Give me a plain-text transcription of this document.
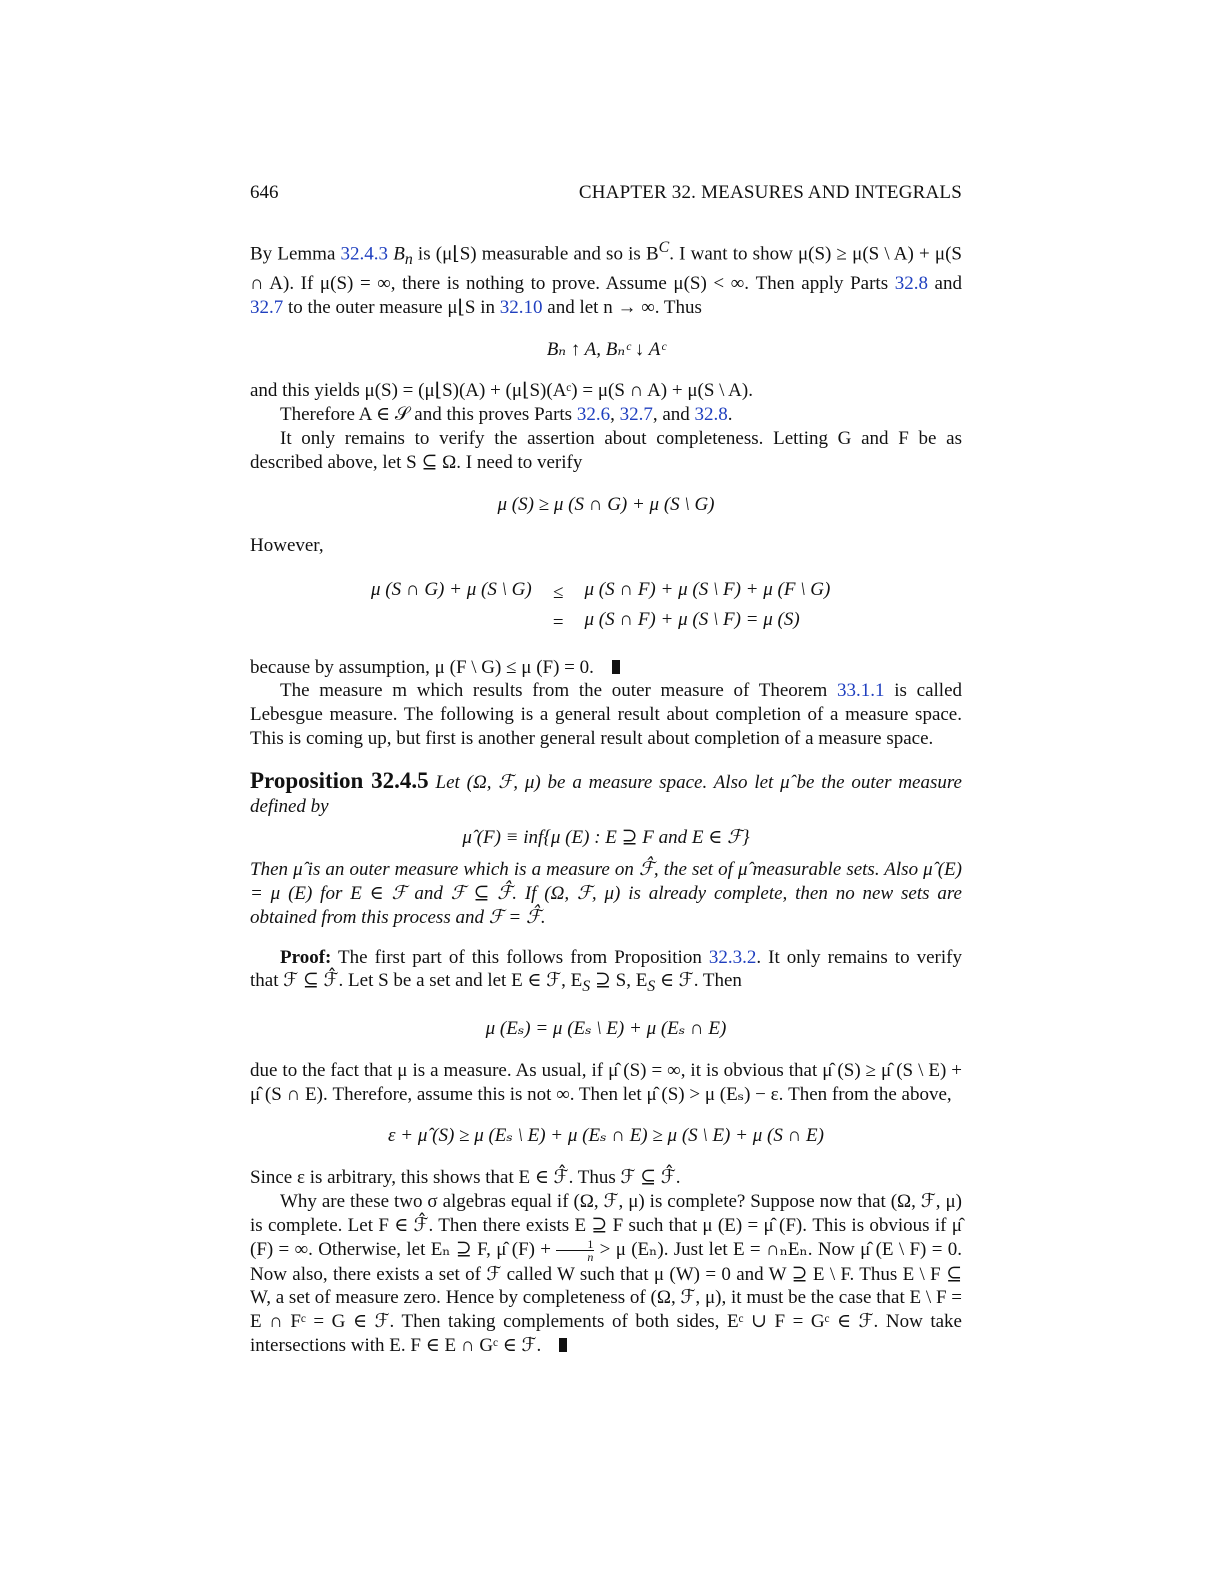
646	CHAPTER 32. MEASURES AND INTEGRALS

By Lemma 32.4.3 $B_n$ is (μ⌊S) measurable and so is $B^C$. I want to show μ(S) ≥ μ(S \ A) + μ(S ∩ A). If μ(S) = ∞, there is nothing to prove. Assume μ(S) < ∞. Then apply Parts 32.8 and 32.7 to the outer measure μ⌊S in 32.10 and let n → ∞. Thus

Bₙ ↑ A, Bₙᶜ ↓ Aᶜ

and this yields μ(S) = (μ⌊S)(A) + (μ⌊S)(Aᶜ) = μ(S ∩ A) + μ(S \ A).

Therefore A ∈ 𝒮 and this proves Parts 32.6, 32.7, and 32.8.

It only remains to verify the assertion about completeness. Letting G and F be as described above, let S ⊆ Ω. I need to verify

μ (S) ≥ μ (S ∩ G) + μ (S \ G)

However,

μ (S ∩ G) + μ (S \ G)	≤	μ (S ∩ F) + μ (S \ F) + μ (F \ G)
	=	μ (S ∩ F) + μ (S \ F) = μ (S)

because by assumption, μ (F \ G) ≤ μ (F) = 0.

The measure m which results from the outer measure of Theorem 33.1.1 is called Lebesgue measure. The following is a general result about completion of a measure space. This is coming up, but first is another general result about completion of a measure space.

Proposition 32.4.5 Let (Ω, ℱ, μ) be a measure space. Also let μ̂ be the outer measure defined by

μ̂ (F) ≡ inf{μ (E) : E ⊇ F and E ∈ ℱ}

Then μ̂ is an outer measure which is a measure on ℱ̂, the set of μ̂ measurable sets. Also μ̂ (E) = μ (E) for E ∈ ℱ and ℱ ⊆ ℱ̂. If (Ω, ℱ, μ) is already complete, then no new sets are obtained from this process and ℱ = ℱ̂.

Proof: The first part of this follows from Proposition 32.3.2. It only remains to verify that ℱ ⊆ ℱ̂. Let S be a set and let E ∈ ℱ, $E_S$ ⊇ S, $E_S$ ∈ ℱ. Then

μ (Eₛ) = μ (Eₛ \ E) + μ (Eₛ ∩ E)

due to the fact that μ is a measure. As usual, if μ̂ (S) = ∞, it is obvious that μ̂ (S) ≥ μ̂ (S \ E) + μ̂ (S ∩ E). Therefore, assume this is not ∞. Then let μ̂ (S) > μ (Eₛ) − ε. Then from the above,

ε + μ̂ (S) ≥ μ (Eₛ \ E) + μ (Eₛ ∩ E) ≥ μ (S \ E) + μ (S ∩ E)

Since ε is arbitrary, this shows that E ∈ ℱ̂. Thus ℱ ⊆ ℱ̂.

Why are these two σ algebras equal if (Ω, ℱ, μ) is complete? Suppose now that (Ω, ℱ, μ) is complete. Let F ∈ ℱ̂. Then there exists E ⊇ F such that μ (E) = μ̂ (F). This is obvious if μ̂ (F) = ∞. Otherwise, let Eₙ ⊇ F, μ̂ $(F) + \frac{1}{n} > \mu$ (Eₙ). Just let E = ∩ₙEₙ. Now μ̂ (E \ F) = 0. Now also, there exists a set of ℱ called W such that μ (W) = 0 and W ⊇ E \ F. Thus E \ F ⊆ W, a set of measure zero. Hence by completeness of (Ω, ℱ, μ), it must be the case that E \ F = E ∩ Fᶜ = G ∈ ℱ. Then taking complements of both sides, Eᶜ ∪ F = Gᶜ ∈ ℱ. Now take intersections with E. F ∈ E ∩ Gᶜ ∈ ℱ.
